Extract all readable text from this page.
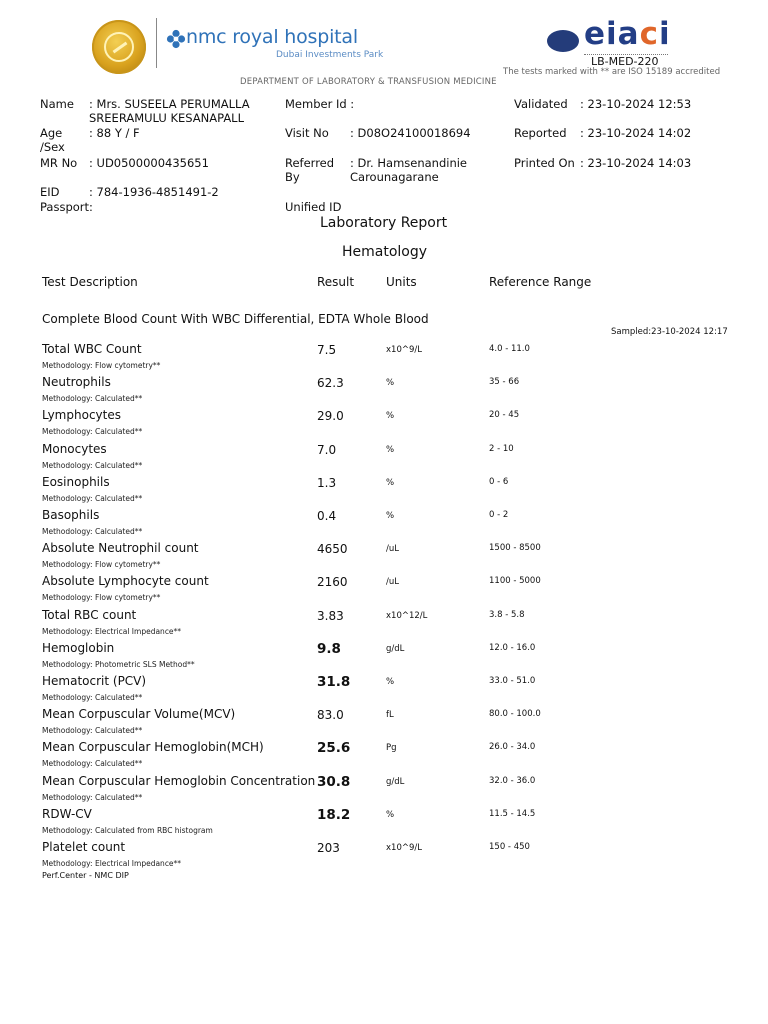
nmc royal hospital
Dubai Investments Park
eiaci
LB-MED-220
The tests marked with ** are ISO 15189 accredited
DEPARTMENT OF LABORATORY & TRANSFUSION MEDICINE
Name : Mrs. SUSEELA PERUMALLA
SREERAMULU KESANAPALL
Age
/Sex
: 88 Y / F
MR No : UD0500000435651
EID	: 784-1936-4851491-2
Passport:
Member Id :
Visit No : D08O24100018694
Referred
By
: Dr. Hamsenandinie
Carounagarane
Unified ID
Validated : 23-10-2024 12:53
Reported : 23-10-2024 14:02
Printed On : 23-10-2024 14:03
Laboratory Report
Hematology
Test Description	Result	Units	Reference Range
Complete Blood Count With WBC Differential, EDTA Whole Blood
Sampled:23-10-2024 12:17
Total WBC Count
Methodology: Flow cytometry**
7.5	x10^9/L	4.0 - 11.0
Neutrophils
Methodology: Calculated**
62.3	%	35 - 66
Lymphocytes
Methodology: Calculated**
29.0	%	20 - 45
Monocytes
Methodology: Calculated**
7.0	%	2 - 10
Eosinophils
Methodology: Calculated**
1.3	%	0 - 6
Basophils
Methodology: Calculated**
0.4	%	0 - 2
Absolute Neutrophil count
Methodology: Flow cytometry**
4650	/uL	1500 - 8500
Absolute Lymphocyte count
Methodology: Flow cytometry**
2160	/uL	1100 - 5000
Total RBC count
Methodology: Electrical Impedance**
3.83	x10^12/L	3.8 - 5.8
Hemoglobin
Methodology: Photometric SLS Method**
9.8	g/dL	12.0 - 16.0
Hematocrit (PCV)
Methodology: Calculated**
31.8	%	33.0 - 51.0
Mean Corpuscular Volume(MCV)
Methodology: Calculated**
83.0	fL	80.0 - 100.0
Mean Corpuscular Hemoglobin(MCH)
Methodology: Calculated**
25.6	Pg	26.0 - 34.0
Mean Corpuscular Hemoglobin Concentration
Methodology: Calculated**
30.8	g/dL	32.0 - 36.0
RDW-CV
Methodology: Calculated from RBC histogram
18.2	%	11.5 - 14.5
Platelet count
Methodology: Electrical Impedance**
203	x10^9/L	150 - 450
Perf.Center - NMC DIP
